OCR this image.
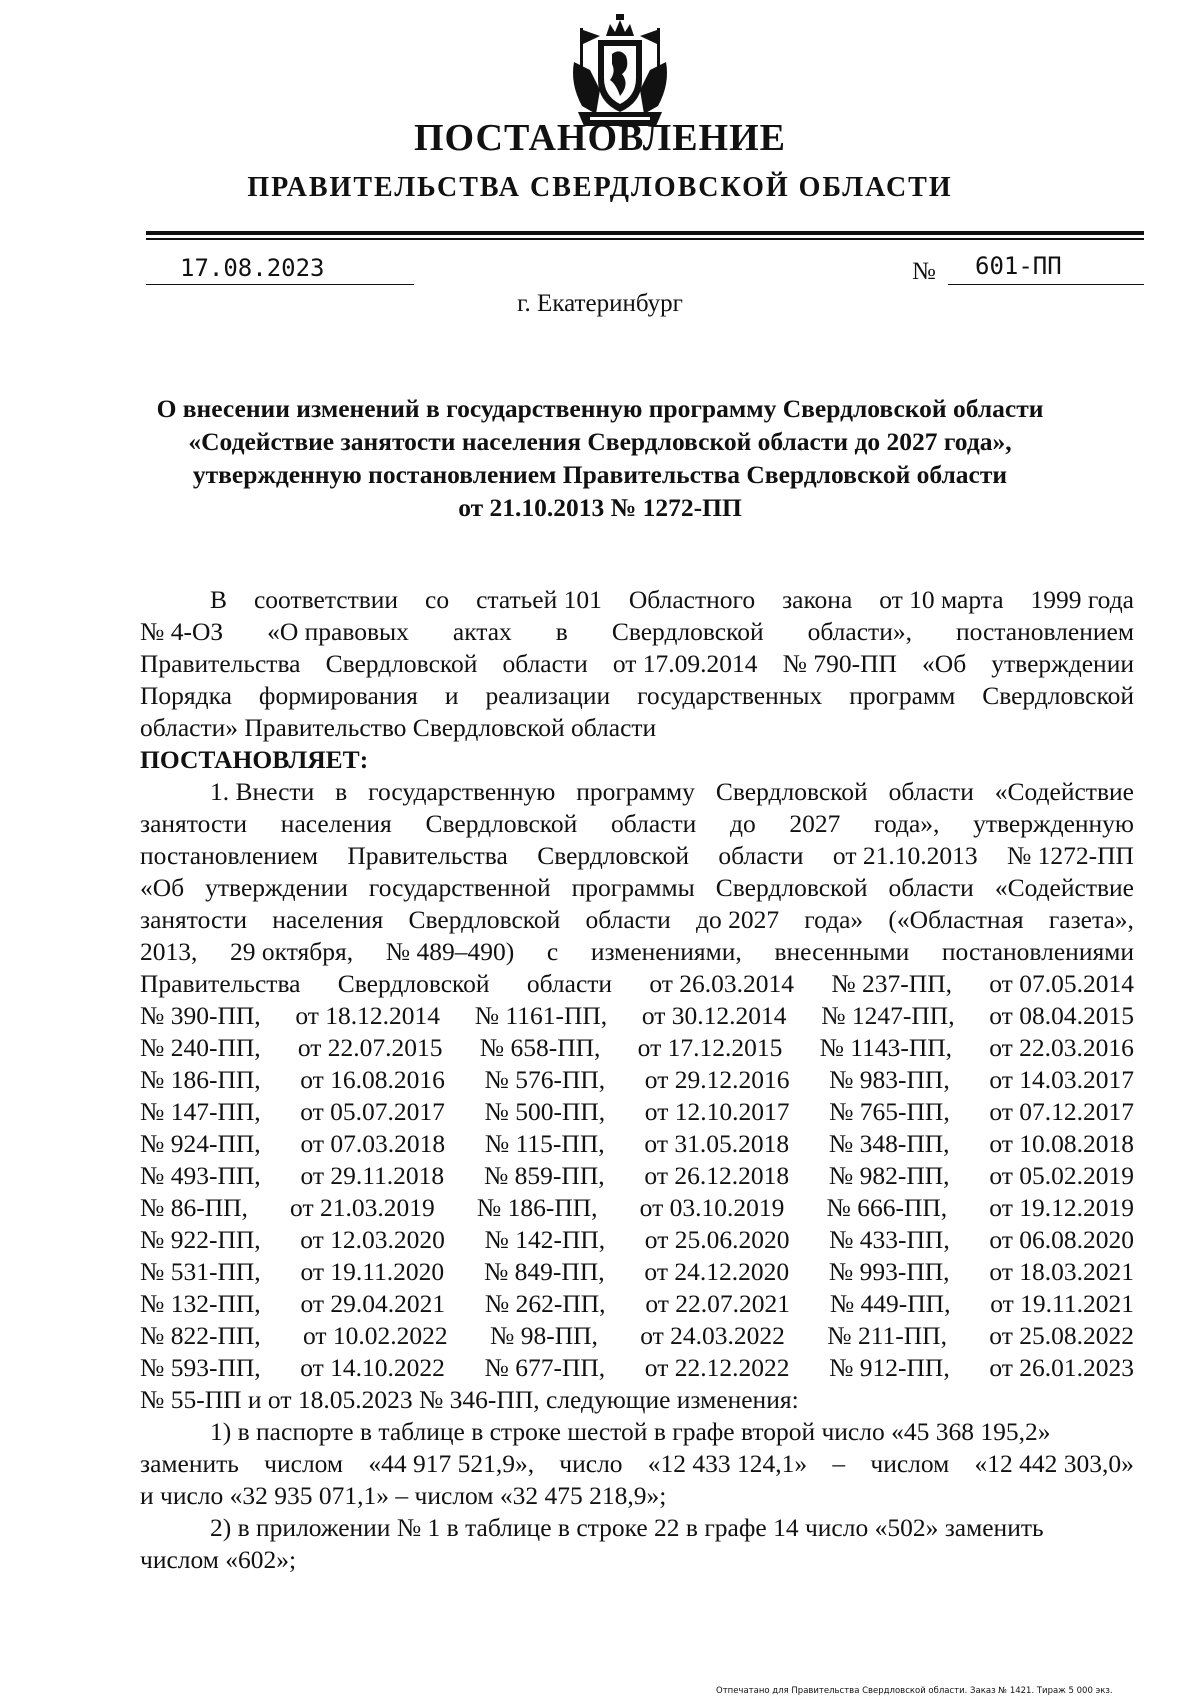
ПОСТАНОВЛЕНИЕ
ПРАВИТЕЛЬСТВА СВЕРДЛОВСКОЙ ОБЛАСТИ
17.08.2023	№ 601-ПП
г. Екатеринбург
О внесении изменений в государственную программу Свердловской области
«Содействие занятости населения Свердловской области до 2027 года»,
утвержденную постановлением Правительства Свердловской области
от 21.10.2013 № 1272-ПП
В соответствии со статьей 101 Областного закона от 10 марта 1999 года
№ 4-ОЗ «О правовых актах в Свердловской области», постановлением
Правительства Свердловской области от 17.09.2014 № 790-ПП «Об утверждении
Порядка формирования и реализации государственных программ Свердловской
области» Правительство Свердловской области
ПОСТАНОВЛЯЕТ:
1. Внести в государственную программу Свердловской области «Содействие
занятости населения Свердловской области до 2027 года», утвержденную
постановлением Правительства Свердловской области от 21.10.2013 № 1272-ПП
«Об утверждении государственной программы Свердловской области «Содействие
занятости населения Свердловской области до 2027 года» («Областная газета»,
2013, 29 октября, № 489–490) с изменениями, внесенными постановлениями
Правительства Свердловской области от 26.03.2014 № 237-ПП, от 07.05.2014
№ 390-ПП, от 18.12.2014 № 1161-ПП, от 30.12.2014 № 1247-ПП, от 08.04.2015
№ 240-ПП, от 22.07.2015 № 658-ПП, от 17.12.2015 № 1143-ПП, от 22.03.2016
№ 186-ПП, от 16.08.2016 № 576-ПП, от 29.12.2016 № 983-ПП, от 14.03.2017
№ 147-ПП, от 05.07.2017 № 500-ПП, от 12.10.2017 № 765-ПП, от 07.12.2017
№ 924-ПП, от 07.03.2018 № 115-ПП, от 31.05.2018 № 348-ПП, от 10.08.2018
№ 493-ПП, от 29.11.2018 № 859-ПП, от 26.12.2018 № 982-ПП, от 05.02.2019
№ 86-ПП, от 21.03.2019 № 186-ПП, от 03.10.2019 № 666-ПП, от 19.12.2019
№ 922-ПП, от 12.03.2020 № 142-ПП, от 25.06.2020 № 433-ПП, от 06.08.2020
№ 531-ПП, от 19.11.2020 № 849-ПП, от 24.12.2020 № 993-ПП, от 18.03.2021
№ 132-ПП, от 29.04.2021 № 262-ПП, от 22.07.2021 № 449-ПП, от 19.11.2021
№ 822-ПП, от 10.02.2022 № 98-ПП, от 24.03.2022 № 211-ПП, от 25.08.2022
№ 593-ПП, от 14.10.2022 № 677-ПП, от 22.12.2022 № 912-ПП, от 26.01.2023
№ 55-ПП и от 18.05.2023 № 346-ПП, следующие изменения:
1) в паспорте в таблице в строке шестой в графе второй число «45 368 195,2»
заменить числом «44 917 521,9», число «12 433 124,1» – числом «12 442 303,0»
и число «32 935 071,1» – числом «32 475 218,9»;
2) в приложении № 1 в таблице в строке 22 в графе 14 число «502» заменить
числом «602»;
Отпечатано для Правительства Свердловской области. Заказ № 1421. Тираж 5 000 экз.
